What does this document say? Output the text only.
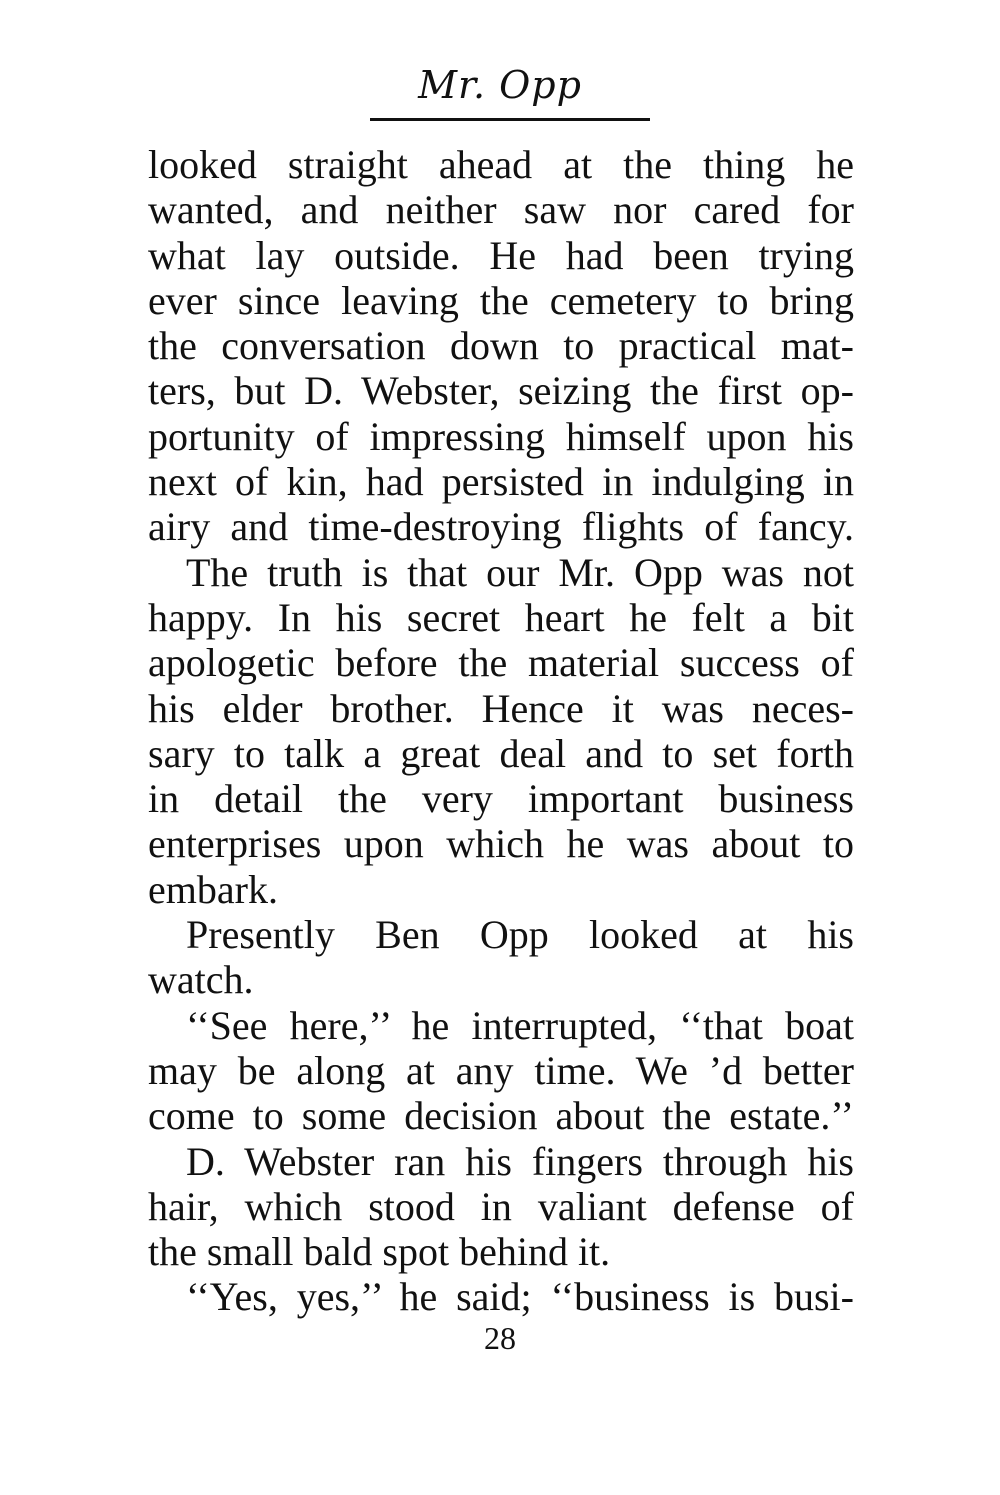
Mr. Opp
looked straight ahead at the thing he
wanted, and neither saw nor cared for
what lay outside. He had been trying
ever since leaving the cemetery to bring
the conversation down to practical mat-
ters, but D. Webster, seizing the first op-
portunity of impressing himself upon his
next of kin, had persisted in indulging in
airy and time-destroying flights of fancy.
The truth is that our Mr. Opp was not
happy. In his secret heart he felt a bit
apologetic before the material success of
his elder brother. Hence it was neces-
sary to talk a great deal and to set forth
in detail the very important business
enterprises upon which he was about to
embark.
Presently Ben Opp looked at his
watch.
‘‘See here,’’ he interrupted, ‘‘that boat
may be along at any time. We ’d better
come to some decision about the estate.’’
D. Webster ran his fingers through his
hair, which stood in valiant defense of
the small bald spot behind it.
‘‘Yes, yes,’’ he said; ‘‘business is busi-
28
